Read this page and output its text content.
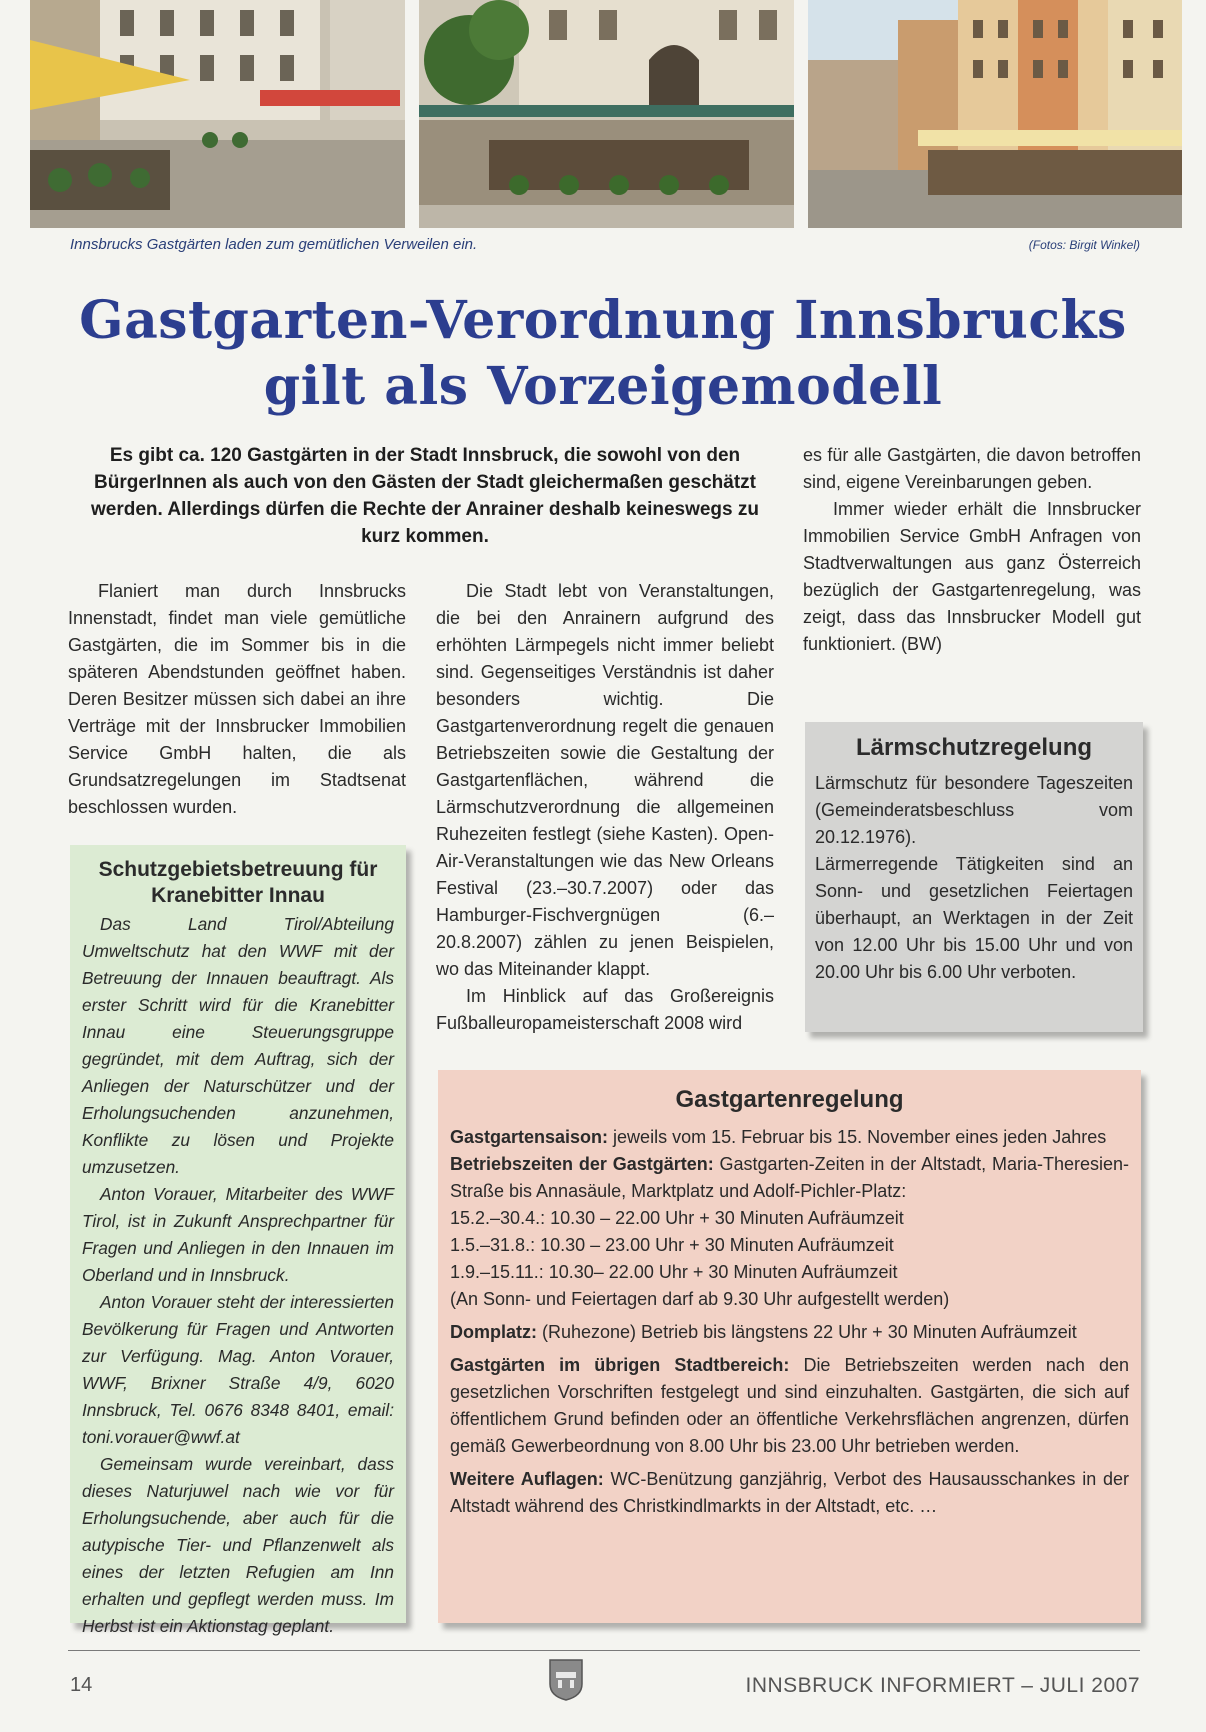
Innsbrucks Gastgärten laden zum gemütlichen Verweilen ein.	(Fotos: Birgit Winkel)
Gastgarten-Verordnung Innsbrucks
gilt als Vorzeigemodell
Es gibt ca. 120 Gastgärten in der Stadt Innsbruck, die sowohl von den BürgerInnen als auch von den Gästen der Stadt gleichermaßen geschätzt werden. Allerdings dürfen die Rechte der Anrainer deshalb keineswegs zu kurz kommen.

Flaniert man durch Innsbrucks Innenstadt, findet man viele gemütliche Gastgärten, die im Sommer bis in die späteren Abendstunden geöffnet haben. Deren Besitzer müssen sich dabei an ihre Verträge mit der Innsbrucker Immobilien Service GmbH halten, die als Grundsatzregelungen im Stadtsenat beschlossen wurden.

Die Stadt lebt von Veranstaltungen, die bei den Anrainern aufgrund des erhöhten Lärmpegels nicht immer beliebt sind. Gegenseitiges Verständnis ist daher besonders wichtig. Die Gastgartenverordnung regelt die genauen Betriebszeiten sowie die Gestaltung der Gastgartenflächen, während die Lärmschutzverordnung die allgemeinen Ruhezeiten festlegt (siehe Kasten). Open-Air-Veranstaltungen wie das New Orleans Festival (23.–30.7.2007) oder das Hamburger-Fischvergnügen (6.–20.8.2007) zählen zu jenen Beispielen, wo das Miteinander klappt.

Im Hinblick auf das Großereignis Fußballeuropameisterschaft 2008 wird

es für alle Gastgärten, die davon betroffen sind, eigene Vereinbarungen geben.

Immer wieder erhält die Innsbrucker Immobilien Service GmbH Anfragen von Stadtverwaltungen aus ganz Österreich bezüglich der Gastgartenregelung, was zeigt, dass das Innsbrucker Modell gut funktioniert. (BW)

Schutzgebietsbetreuung für Kranebitter Innau

Das Land Tirol/Abteilung Umweltschutz hat den WWF mit der Betreuung der Innauen beauftragt. Als erster Schritt wird für die Kranebitter Innau eine Steuerungsgruppe gegründet, mit dem Auftrag, sich der Anliegen der Naturschützer und der Erholungsuchenden anzunehmen, Konflikte zu lösen und Projekte umzusetzen.

Anton Vorauer, Mitarbeiter des WWF Tirol, ist in Zukunft Ansprechpartner für Fragen und Anliegen in den Innauen im Oberland und in Innsbruck.

Anton Vorauer steht der interessierten Bevölkerung für Fragen und Antworten zur Verfügung. Mag. Anton Vorauer, WWF, Brixner Straße 4/9, 6020 Innsbruck, Tel. 0676 8348 8401, email: toni.vorauer@wwf.at

Gemeinsam wurde vereinbart, dass dieses Naturjuwel nach wie vor für Erholungsuchende, aber auch für die autypische Tier- und Pflanzenwelt als eines der letzten Refugien am Inn erhalten und gepflegt werden muss. Im Herbst ist ein Aktionstag geplant.

Lärmschutzregelung

Lärmschutz für besondere Tageszeiten (Gemeinderatsbeschluss vom 20.12.1976).

Lärmerregende Tätigkeiten sind an Sonn- und gesetzlichen Feiertagen überhaupt, an Werktagen in der Zeit von 12.00 Uhr bis 15.00 Uhr und von 20.00 Uhr bis 6.00 Uhr verboten.

Gastgartenregelung

Gastgartensaison: jeweils vom 15. Februar bis 15. November eines jeden Jahres

Betriebszeiten der Gastgärten: Gastgarten-Zeiten in der Altstadt, Maria-Theresien-Straße bis Annasäule, Marktplatz und Adolf-Pichler-Platz:

15.2.–30.4.: 10.30 – 22.00 Uhr + 30 Minuten Aufräumzeit

1.5.–31.8.: 10.30 – 23.00 Uhr + 30 Minuten Aufräumzeit

1.9.–15.11.: 10.30– 22.00 Uhr + 30 Minuten Aufräumzeit

(An Sonn- und Feiertagen darf ab 9.30 Uhr aufgestellt werden)

Domplatz: (Ruhezone) Betrieb bis längstens 22 Uhr + 30 Minuten Aufräumzeit

Gastgärten im übrigen Stadtbereich: Die Betriebszeiten werden nach den gesetzlichen Vorschriften festgelegt und sind einzuhalten. Gastgärten, die sich auf öffentlichem Grund befinden oder an öffentliche Verkehrsflächen angrenzen, dürfen gemäß Gewerbeordnung von 8.00 Uhr bis 23.00 Uhr betrieben werden.

Weitere Auflagen: WC-Benützung ganzjährig, Verbot des Hausausschankes in der Altstadt während des Christkindlmarkts in der Altstadt, etc. …

14	INNSBRUCK INFORMIERT – JULI 2007
